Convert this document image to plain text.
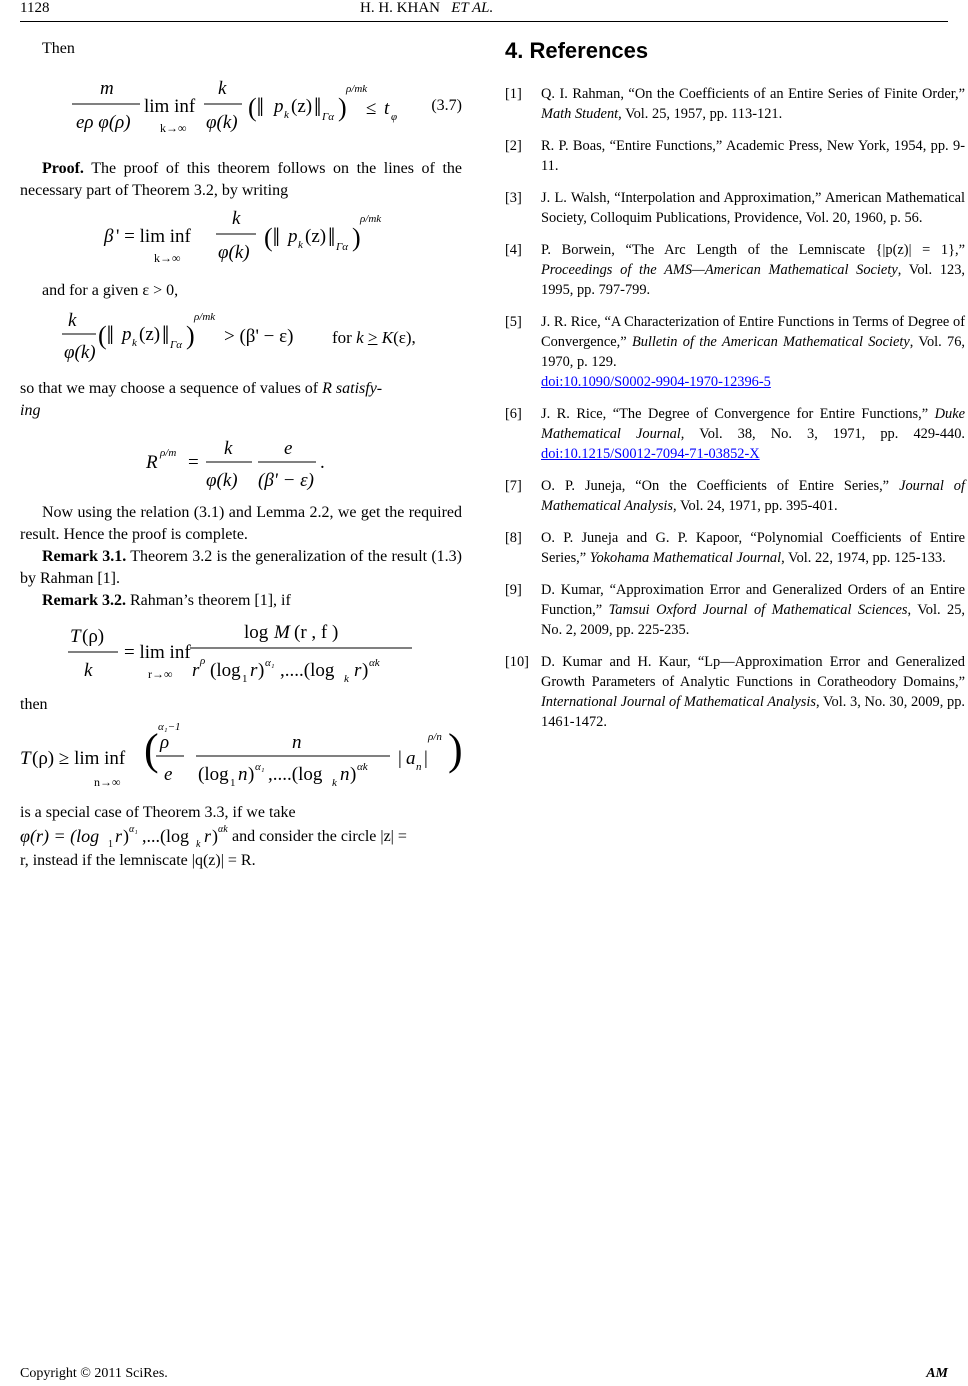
1128	H. H. KHAN ET AL.

Then

m
eρ φ(ρ)
lim inf
k→∞
k
φ(k)
(‖ p k (z) ‖ Γα )
ρ/mk
≤ t φ
(3.7)

Proof. The proof of this theorem follows on the lines of the necessary part of Theorem 3.2, by writing

β ' = lim inf
k→∞
k
φ(k)
(‖ p k (z) ‖ Γα )
ρ/mk

and for a given ε > 0,

k
φ(k)
(‖ p k (z) ‖ Γα )
ρ/mk
> (β' − ε) for k > K(ε),

so that we may choose a sequence of values of R satisfy-
ing

R ρ/m =
k
φ(k)
e
(β' − ε)
.

Now using the relation (3.1) and Lemma 2.2, we get the required result. Hence the proof is complete.

Remark 3.1. Theorem 3.2 is the generalization of the result (1.3) by Rahman [1].

Remark 3.2. Rahman’s theorem [1], if

T (ρ)
k
= lim inf
r→∞
log M (r , f )
r ρ (log 1 r ) α₁ ,....(log k r ) αk

then

T (ρ) ≥ lim inf
n→∞
( α₁−1
ρ
e
n
(log 1 n ) α₁ ,....(log k n ) αk | a n |
ρ/n )

is a special case of Theorem 3.3, if we take

φ(r) = (log 1 r ) α₁ ,...(log k r ) αk and consider the circle |z| =

r, instead if the lemniscate |q(z)| = R.

4. References
[1]	Q. I. Rahman, “On the Coefficients of an Entire Series of Finite Order,” Math Student, Vol. 25, 1957, pp. 113-121.
[2]	R. P. Boas, “Entire Functions,” Academic Press, New York, 1954, pp. 9-11.
[3]	J. L. Walsh, “Interpolation and Approximation,” American Mathematical Society, Colloquim Publications, Providence, Vol. 20, 1960, p. 56.
[4]	P. Borwein, “The Arc Length of the Lemniscate {|p(z)| = 1},” Proceedings of the AMS—American Mathematical Society, Vol. 123, 1995, pp. 797-799.
[5]	J. R. Rice, “A Characterization of Entire Functions in Terms of Degree of Convergence,” Bulletin of the American Mathematical Society, Vol. 76, 1970, p. 129.
doi:10.1090/S0002-9904-1970-12396-5
[6]	J. R. Rice, “The Degree of Convergence for Entire Functions,” Duke Mathematical Journal, Vol. 38, No. 3, 1971, pp. 429-440. doi:10.1215/S0012-7094-71-03852-X
[7]	O. P. Juneja, “On the Coefficients of Entire Series,” Journal of Mathematical Analysis, Vol. 24, 1971, pp. 395-401.
[8]	O. P. Juneja and G. P. Kapoor, “Polynomial Coefficients of Entire Series,” Yokohama Mathematical Journal, Vol. 22, 1974, pp. 125-133.
[9]	D. Kumar, “Approximation Error and Generalized Orders of an Entire Function,” Tamsui Oxford Journal of Mathematical Sciences, Vol. 25, No. 2, 2009, pp. 225-235.
[10] D. Kumar and H. Kaur, “Lp—Approximation Error and Generalized Growth Parameters of Analytic Functions in Coratheodory Domains,” International Journal of Mathematical Analysis, Vol. 3, No. 30, 2009, pp. 1461-1472.
Copyright © 2011 SciRes.	AM
